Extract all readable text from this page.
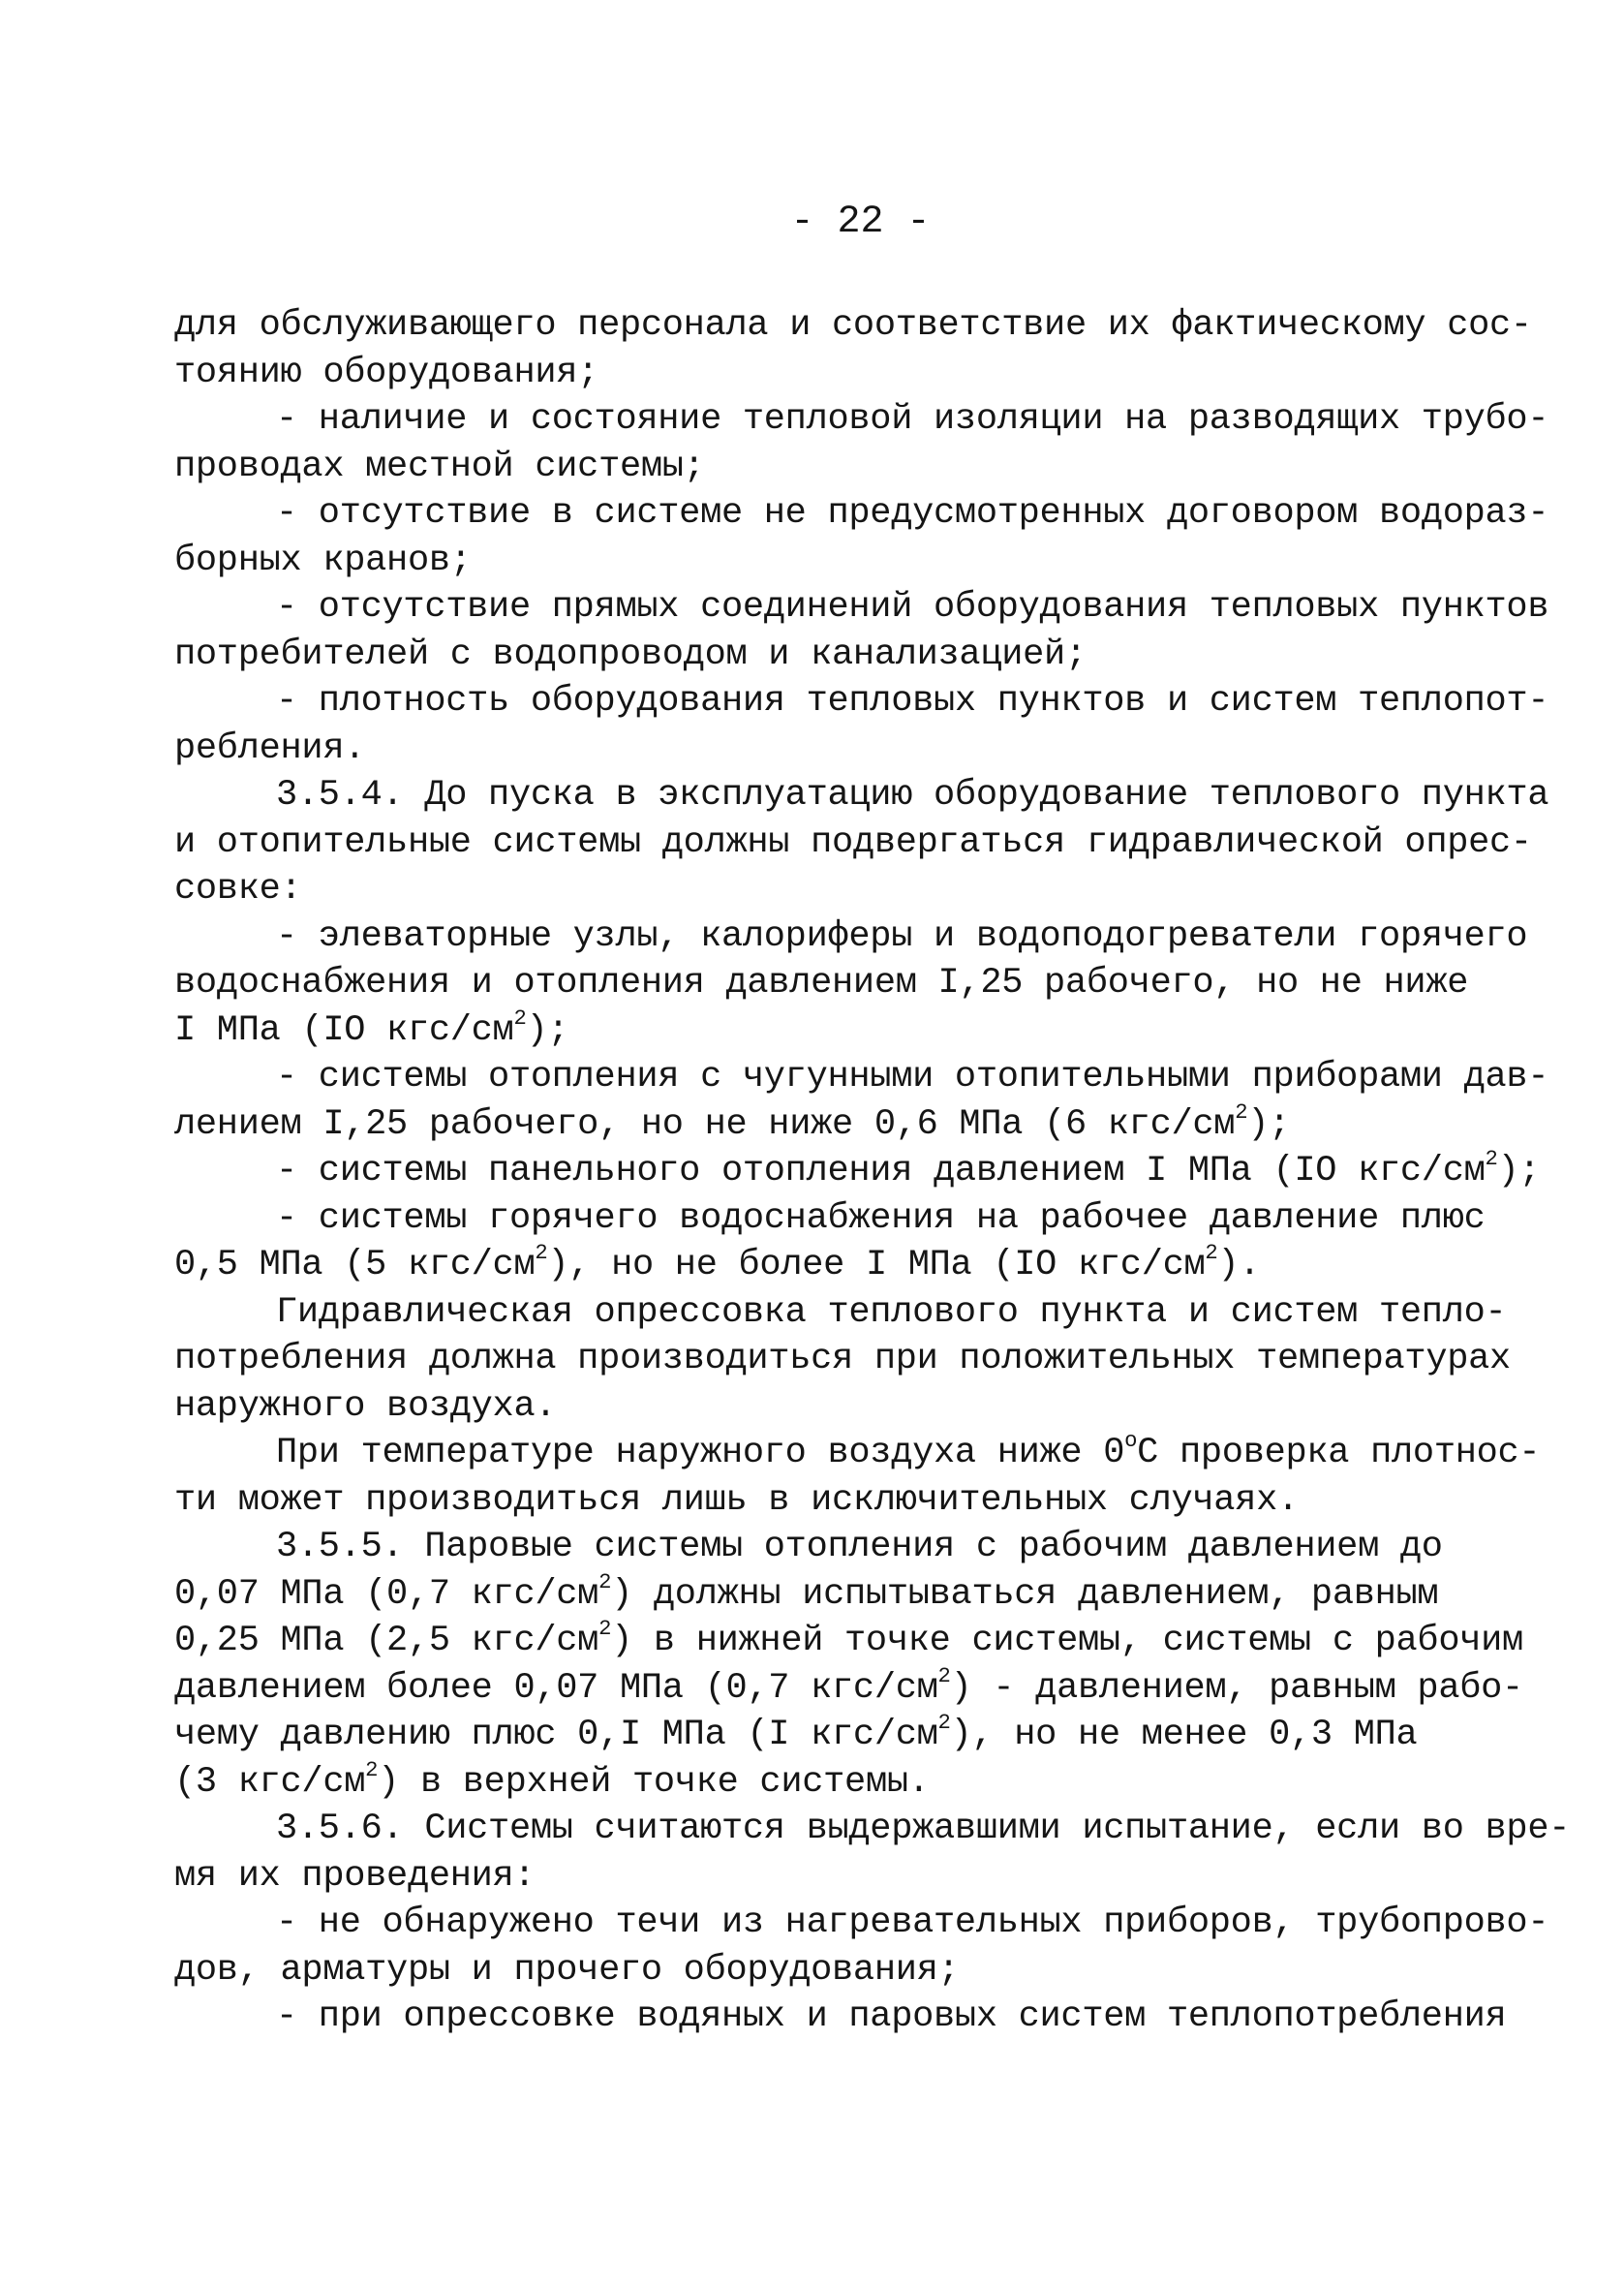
- 22 -
для обслуживающего персонала и соответствие их фактическому сос-
тоянию оборудования;
- наличие и состояние тепловой изоляции на разводящих трубо-
проводах местной системы;
- отсутствие в системе не предусмотренных договором водораз-
борных кранов;
- отсутствие прямых соединений оборудования тепловых пунктов
потребителей с водопроводом и канализацией;
- плотность оборудования тепловых пунктов и систем теплопот-
ребления.
3.5.4. До пуска в эксплуатацию оборудование теплового пункта
и отопительные системы должны подвергаться гидравлической опрес-
совке:
- элеваторные узлы, калориферы и водоподогреватели горячего
водоснабжения и отопления давлением I,25 рабочего, но не ниже
I МПа (IO кгс/$см^2$);
- системы отопления с чугунными отопительными приборами дав-
лением I,25 рабочего, но не ниже 0,6 МПа (6 кгс/$см^2$);
- системы панельного отопления давлением I МПа (IO кгс/$см^2$);
- системы горячего водоснабжения на рабочее давление плюс
0,5 МПа (5 кгс/$см^2$), но не более I МПа (IO кгс/$см^2$).
Гидравлическая опрессовка теплового пункта и систем тепло-
потребления должна производиться при положительных температурах
наружного воздуха.
При температуре наружного воздуха ниже $0^оС$ проверка плотнос-
ти может производиться лишь в исключительных случаях.
3.5.5. Паровые системы отопления с рабочим давлением до
0,07 МПа (0,7 кгс/$см^2$) должны испытываться давлением, равным
0,25 МПа (2,5 кгс/$см^2$) в нижней точке системы, системы с рабочим
давлением более 0,07 МПа (0,7 кгс/$см^2$) - давлением, равным рабо-
чему давлению плюс 0,I МПа (I кгс/$см^2$), но не менее 0,3 МПа
(3 кгс/$см^2$) в верхней точке системы.
3.5.6. Системы считаются выдержавшими испытание, если во вре-
мя их проведения:
- не обнаружено течи из нагревательных приборов, трубопрово-
дов, арматуры и прочего оборудования;
- при опрессовке водяных и паровых систем теплопотребления
